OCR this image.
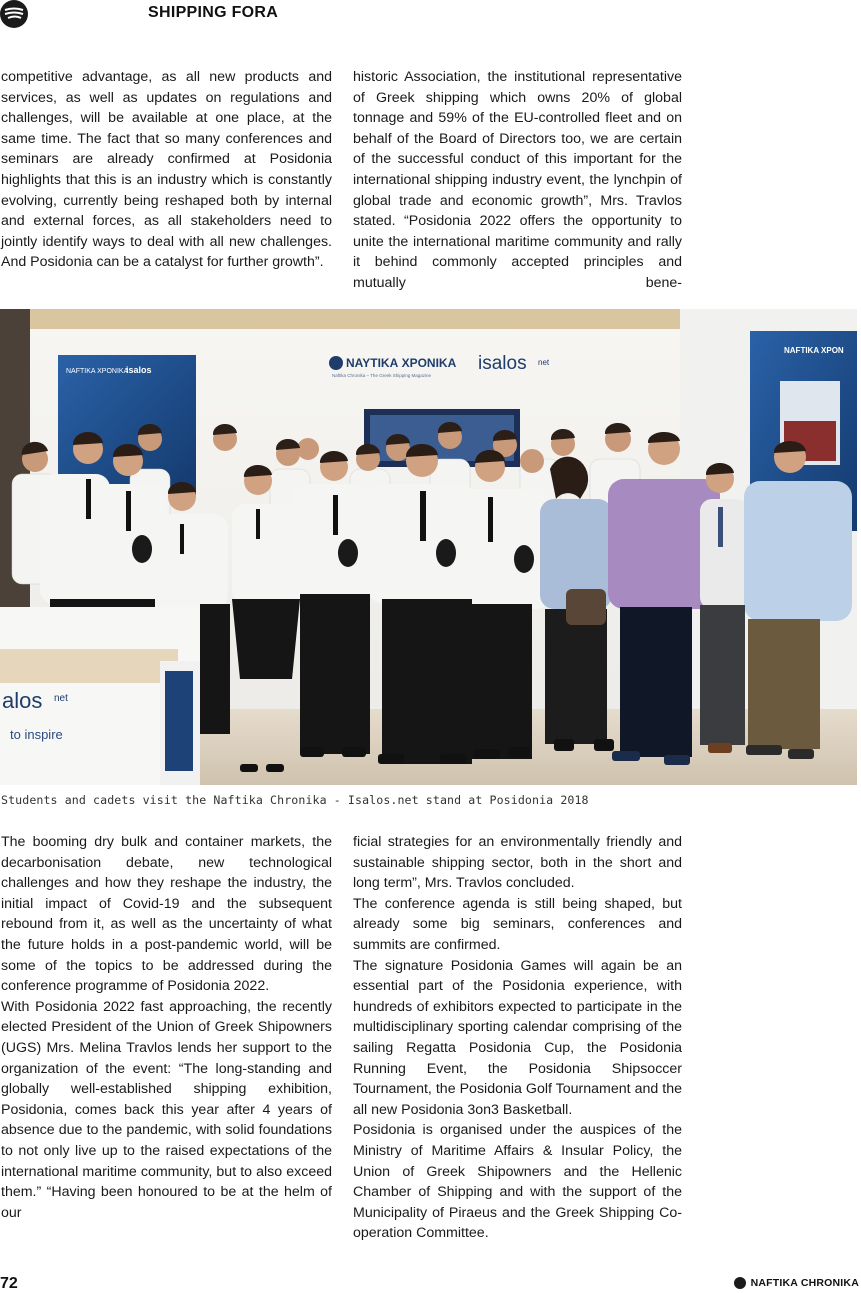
SHIPPING FORA

competitive advantage, as all new products and services, as well as updates on regulations and challenges, will be available at one place, at the same time. The fact that so many conferences and seminars are already confirmed at Posidonia highlights that this is an industry which is constantly evolving, currently being reshaped both by internal and external forces, as all stakeholders need to jointly identify ways to deal with all new challenges. And Posidonia can be a catalyst for further growth”.

historic Association, the institutional representative of Greek shipping which owns 20% of global tonnage and 59% of the EU-controlled fleet and on behalf of the Board of Directors too, we are certain of the successful conduct of this important for the international shipping industry event, the lynchpin of global trade and economic growth”, Mrs. Travlos stated. “Posidonia 2022 offers the opportunity to unite the international maritime community and rally it behind commonly accepted principles and mutually bene-

NAFTIKA XPONIKA
isalos
NAFTIKA XPON
ΝΑΥΤΙΚΑ ΧΡΟΝΙΚΑ
Naftika Chronika – The Greek Shipping Magazine
isalos net
alos net
to inspire
Students and cadets visit the Naftika Chronika - Isalos.net stand at Posidonia 2018

The booming dry bulk and container markets, the decarbonisation debate, new technological challenges and how they reshape the industry, the initial impact of Covid-19 and the subsequent rebound from it, as well as the uncertainty of what the future holds in a post-pandemic world, will be some of the topics to be addressed during the conference programme of Posidonia 2022.

With Posidonia 2022 fast approaching, the recently elected President of the Union of Greek Shipowners (UGS) Mrs. Melina Travlos lends her support to the organization of the event: “The long-standing and globally well-established shipping exhibition, Posidonia, comes back this year after 4 years of absence due to the pandemic, with solid foundations to not only live up to the raised expectations of the international maritime community, but to also exceed them.” “Having been honoured to be at the helm of our

ficial strategies for an environmentally friendly and sustainable shipping sector, both in the short and long term”, Mrs. Travlos concluded.

The conference agenda is still being shaped, but already some big seminars, conferences and summits are confirmed.

The signature Posidonia Games will again be an essential part of the Posidonia experience, with hundreds of exhibitors expected to participate in the multidisciplinary sporting calendar comprising of the sailing Regatta Posidonia Cup, the Posidonia Running Event, the Posidonia Shipsoccer Tournament, the Posidonia Golf Tournament and the all new Posidonia 3on3 Basketball.

Posidonia is organised under the auspices of the Ministry of Maritime Affairs & Insular Policy, the Union of Greek Shipowners and the Hellenic Chamber of Shipping and with the support of the Municipality of Piraeus and the Greek Shipping Co-operation Committee.

72	NAFTIKA CHRONIKA
